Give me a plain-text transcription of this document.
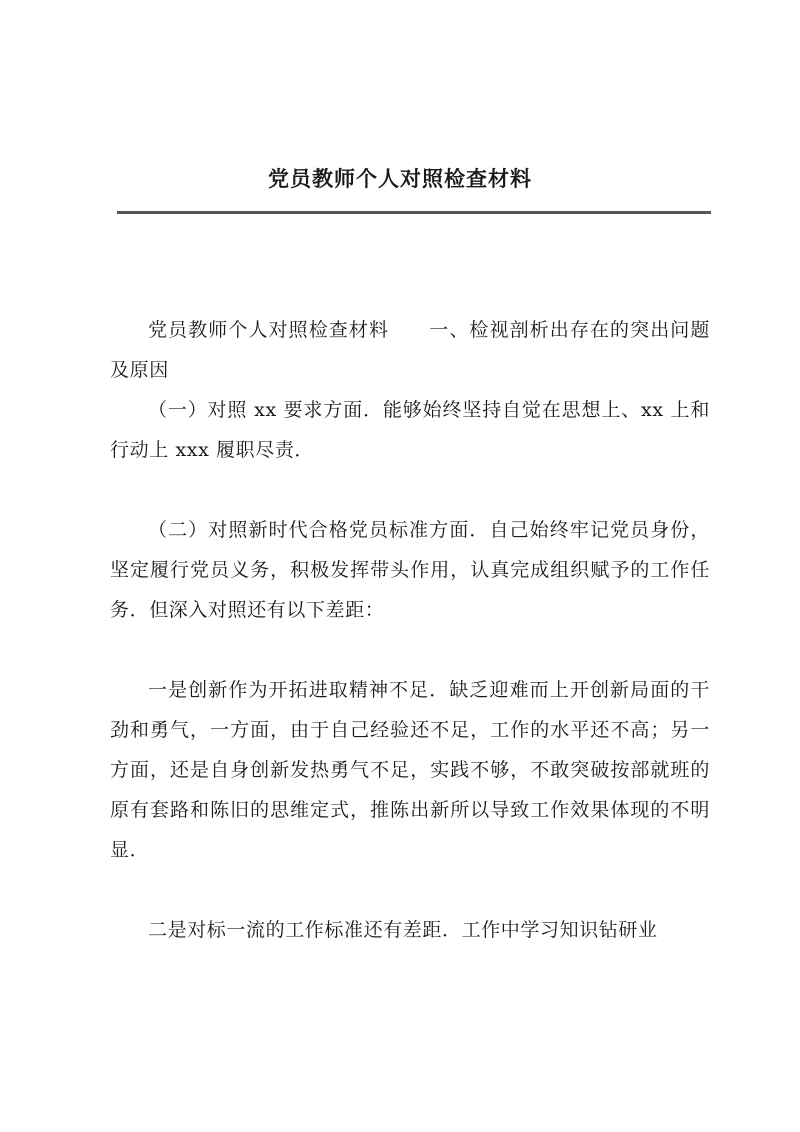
党员教师个人对照检查材料

党员教师个人对照检查材料　　一、检视剖析出存在的突出问题及原因

（一）对照 xx 要求方面．能够始终坚持自觉在思想上、xx 上和行动上 xxx 履职尽责．

（二）对照新时代合格党员标准方面．自己始终牢记党员身份，坚定履行党员义务，积极发挥带头作用，认真完成组织赋予的工作任务．但深入对照还有以下差距：

一是创新作为开拓进取精神不足．缺乏迎难而上开创新局面的干劲和勇气，一方面，由于自己经验还不足，工作的水平还不高；另一方面，还是自身创新发热勇气不足，实践不够，不敢突破按部就班的原有套路和陈旧的思维定式，推陈出新所以导致工作效果体现的不明显．

二是对标一流的工作标准还有差距．工作中学习知识钻研业
